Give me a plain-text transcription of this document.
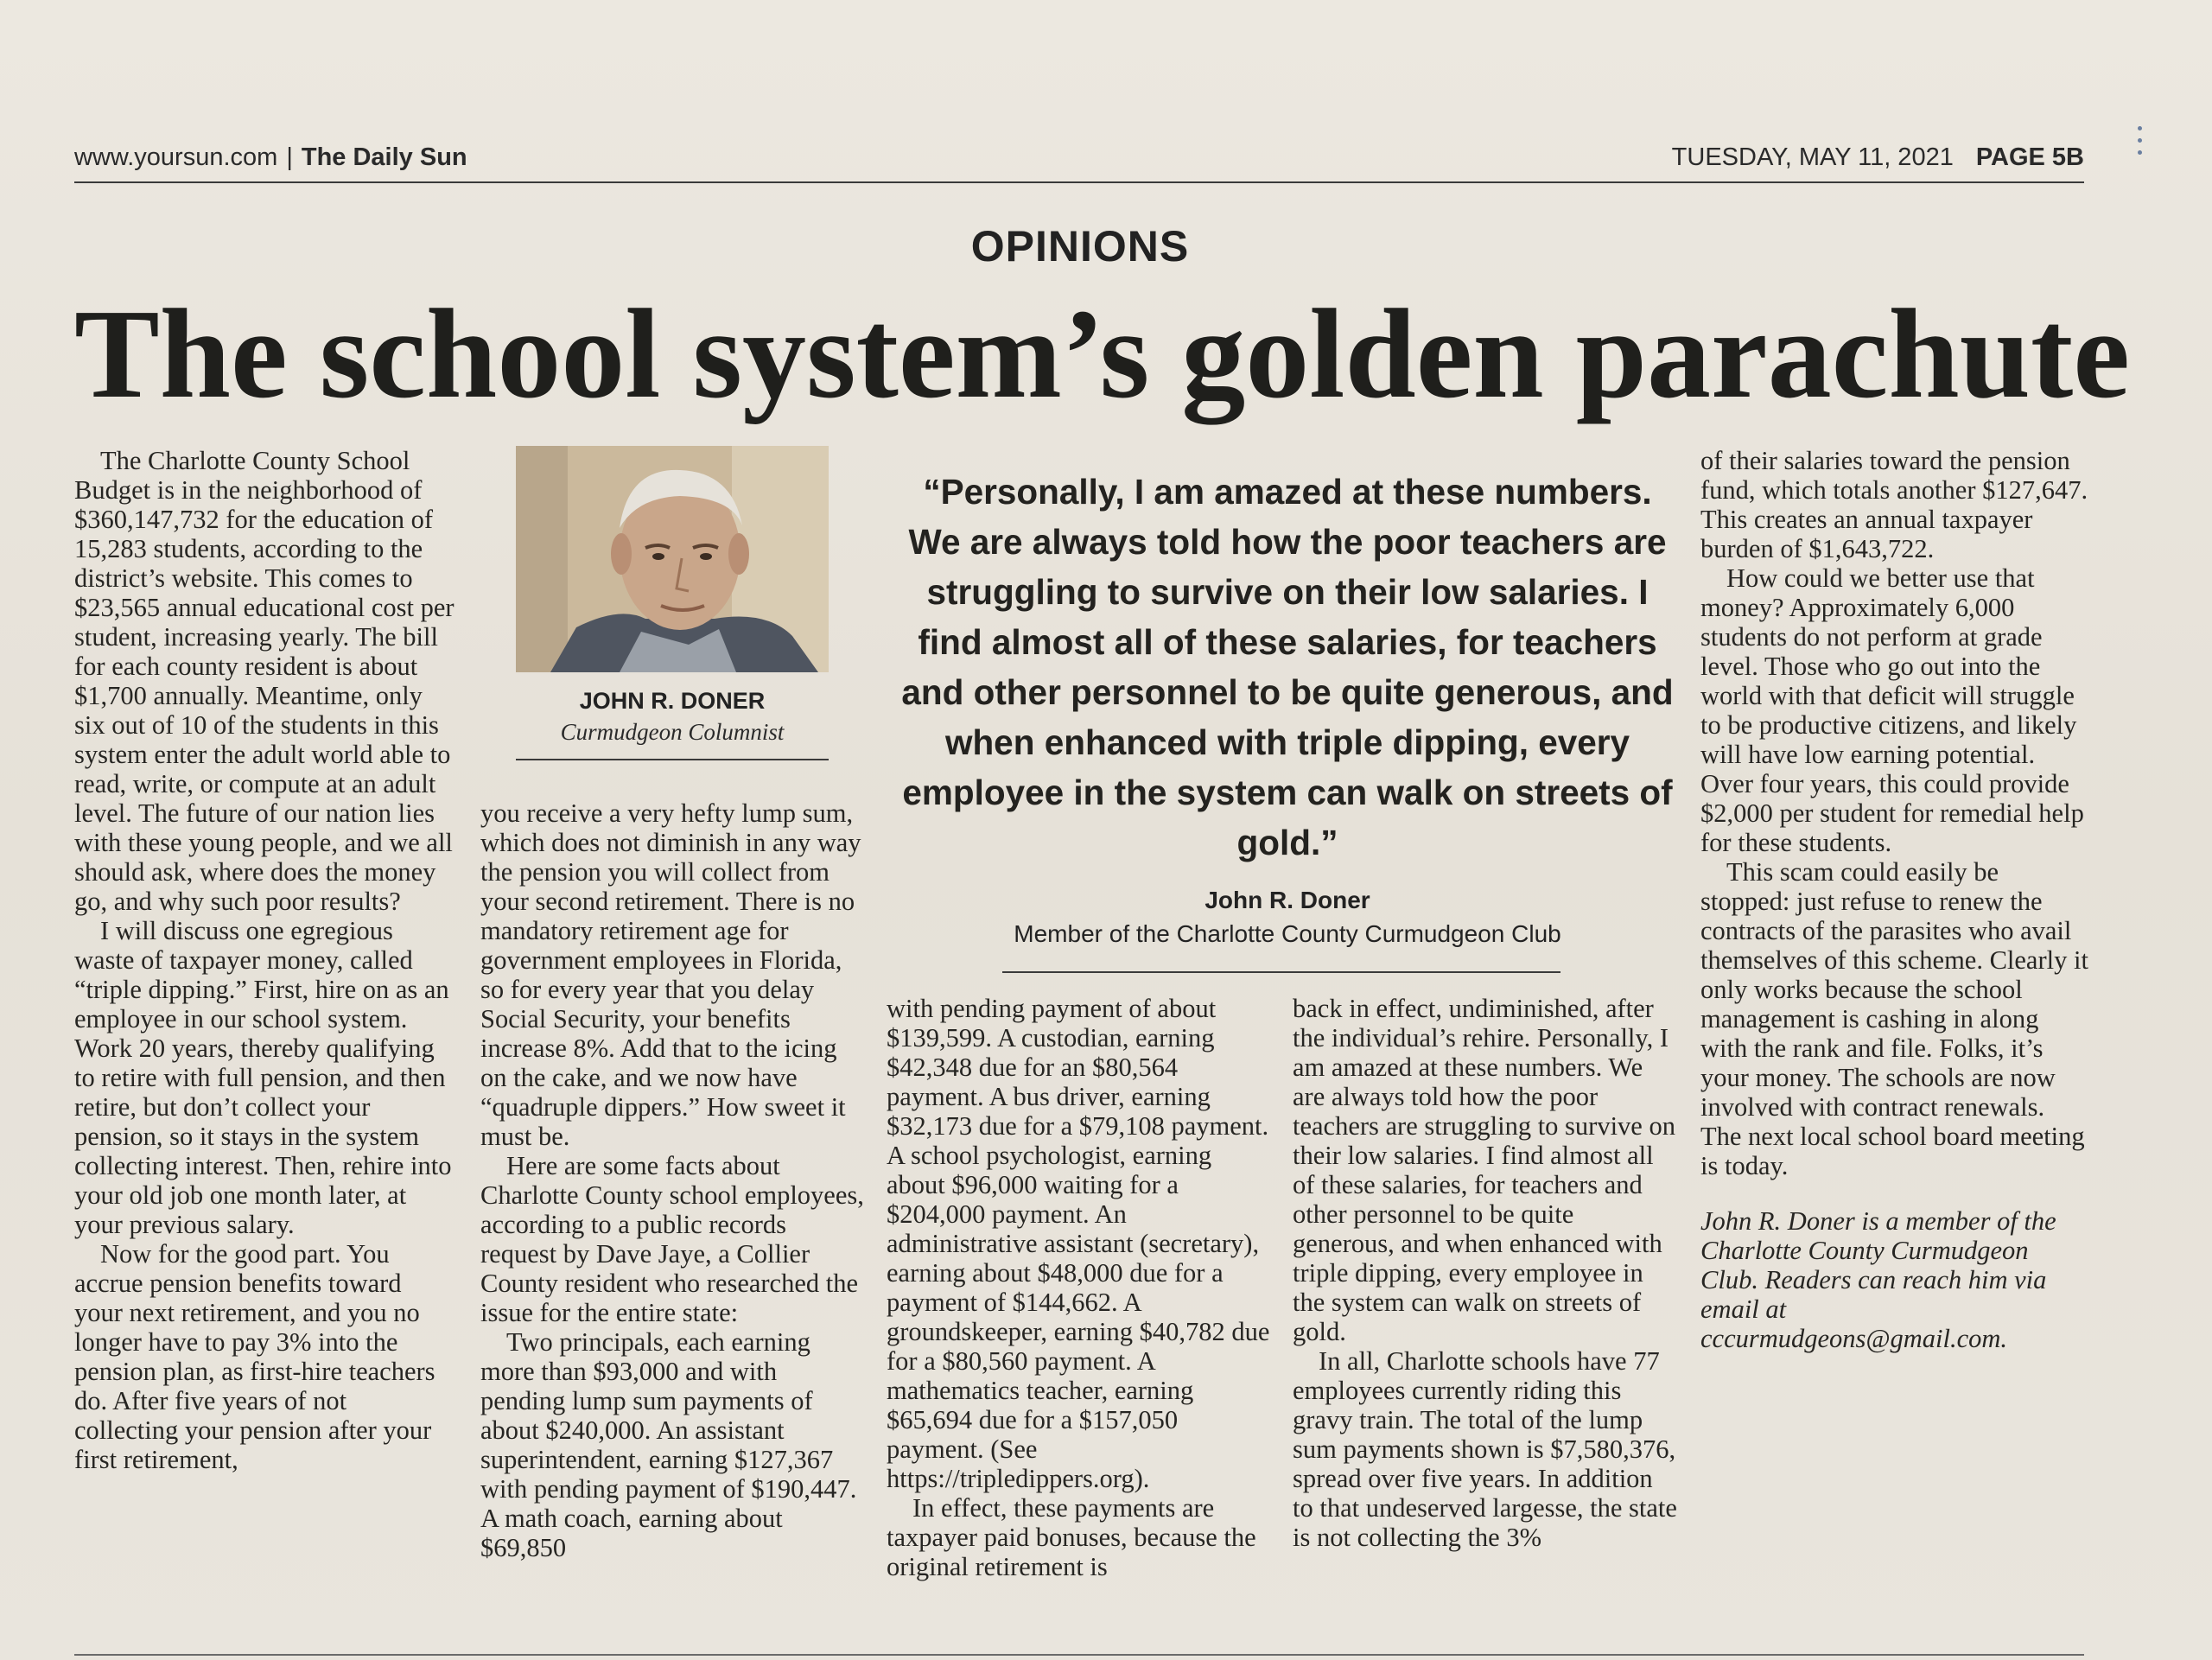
www.yoursun.com | The Daily Sun	TUESDAY, MAY 11, 2021 PAGE 5B
OPINIONS
The school system’s golden parachute

The Charlotte County School Budget is in the neighborhood of $360,147,732 for the education of 15,283 students, according to the district’s website. This comes to $23,565 annual educational cost per student, increasing yearly. The bill for each county resident is about $1,700 annually. Meantime, only six out of 10 of the students in this system enter the adult world able to read, write, or compute at an adult level. The future of our nation lies with these young people, and we all should ask, where does the money go, and why such poor results?

I will discuss one egregious waste of taxpayer money, called “triple dipping.” First, hire on as an employee in our school system. Work 20 years, thereby qualifying to retire with full pension, and then retire, but don’t collect your pension, so it stays in the system collecting interest. Then, rehire into your old job one month later, at your previous salary.

Now for the good part. You accrue pension benefits toward your next retirement, and you no longer have to pay 3% into the pension plan, as first-hire teachers do. After five years of not collecting your pension after your first retirement,

JOHN R. DONER
Curmudgeon Columnist

you receive a very hefty lump sum, which does not diminish in any way the pension you will collect from your second retirement. There is no mandatory retirement age for government employees in Florida, so for every year that you delay Social Security, your benefits increase 8%. Add that to the icing on the cake, and we now have “quadruple dippers.” How sweet it must be.

Here are some facts about Charlotte County school employees, according to a public records request by Dave Jaye, a Collier County resident who researched the issue for the entire state:

Two principals, each earning more than $93,000 and with pending lump sum payments of about $240,000. An assistant superintendent, earning $127,367 with pending payment of $190,447. A math coach, earning about $69,850

“Personally, I am amazed at these numbers. We are always told how the poor teachers are struggling to survive on their low salaries. I find almost all of these salaries, for teachers and other personnel to be quite generous, and when enhanced with triple dipping, every employee in the system can walk on streets of gold.”
John R. Doner
Member of the Charlotte County Curmudgeon Club

with pending payment of about $139,599. A custodian, earning $42,348 due for an $80,564 payment. A bus driver, earning $32,173 due for a $79,108 payment. A school psychologist, earning about $96,000 waiting for a $204,000 payment. An administrative assistant (secretary), earning about $48,000 due for a payment of $144,662. A groundskeeper, earning $40,782 due for a $80,560 payment. A mathematics teacher, earning $65,694 due for a $157,050 payment. (See https://tripledippers.org).

In effect, these payments are taxpayer paid bonuses, because the original retirement is

back in effect, undiminished, after the individual’s rehire. Personally, I am amazed at these numbers. We are always told how the poor teachers are struggling to survive on their low salaries. I find almost all of these salaries, for teachers and other personnel to be quite generous, and when enhanced with triple dipping, every employee in the system can walk on streets of gold.

In all, Charlotte schools have 77 employees currently riding this gravy train. The total of the lump sum payments shown is $7,580,376, spread over five years. In addition to that undeserved largesse, the state is not collecting the 3%

of their salaries toward the pension fund, which totals another $127,647. This creates an annual taxpayer burden of $1,643,722.

How could we better use that money? Approximately 6,000 students do not perform at grade level. Those who go out into the world with that deficit will struggle to be productive citizens, and likely will have low earning potential. Over four years, this could provide $2,000 per student for remedial help for these students.

This scam could easily be stopped: just refuse to renew the contracts of the parasites who avail themselves of this scheme. Clearly it only works because the school management is cashing in along with the rank and file. Folks, it’s your money. The schools are now involved with contract renewals. The next local school board meeting is today.

John R. Doner is a member of the Charlotte County Curmudgeon Club. Readers can reach him via email at cccurmudgeons@gmail.com.
